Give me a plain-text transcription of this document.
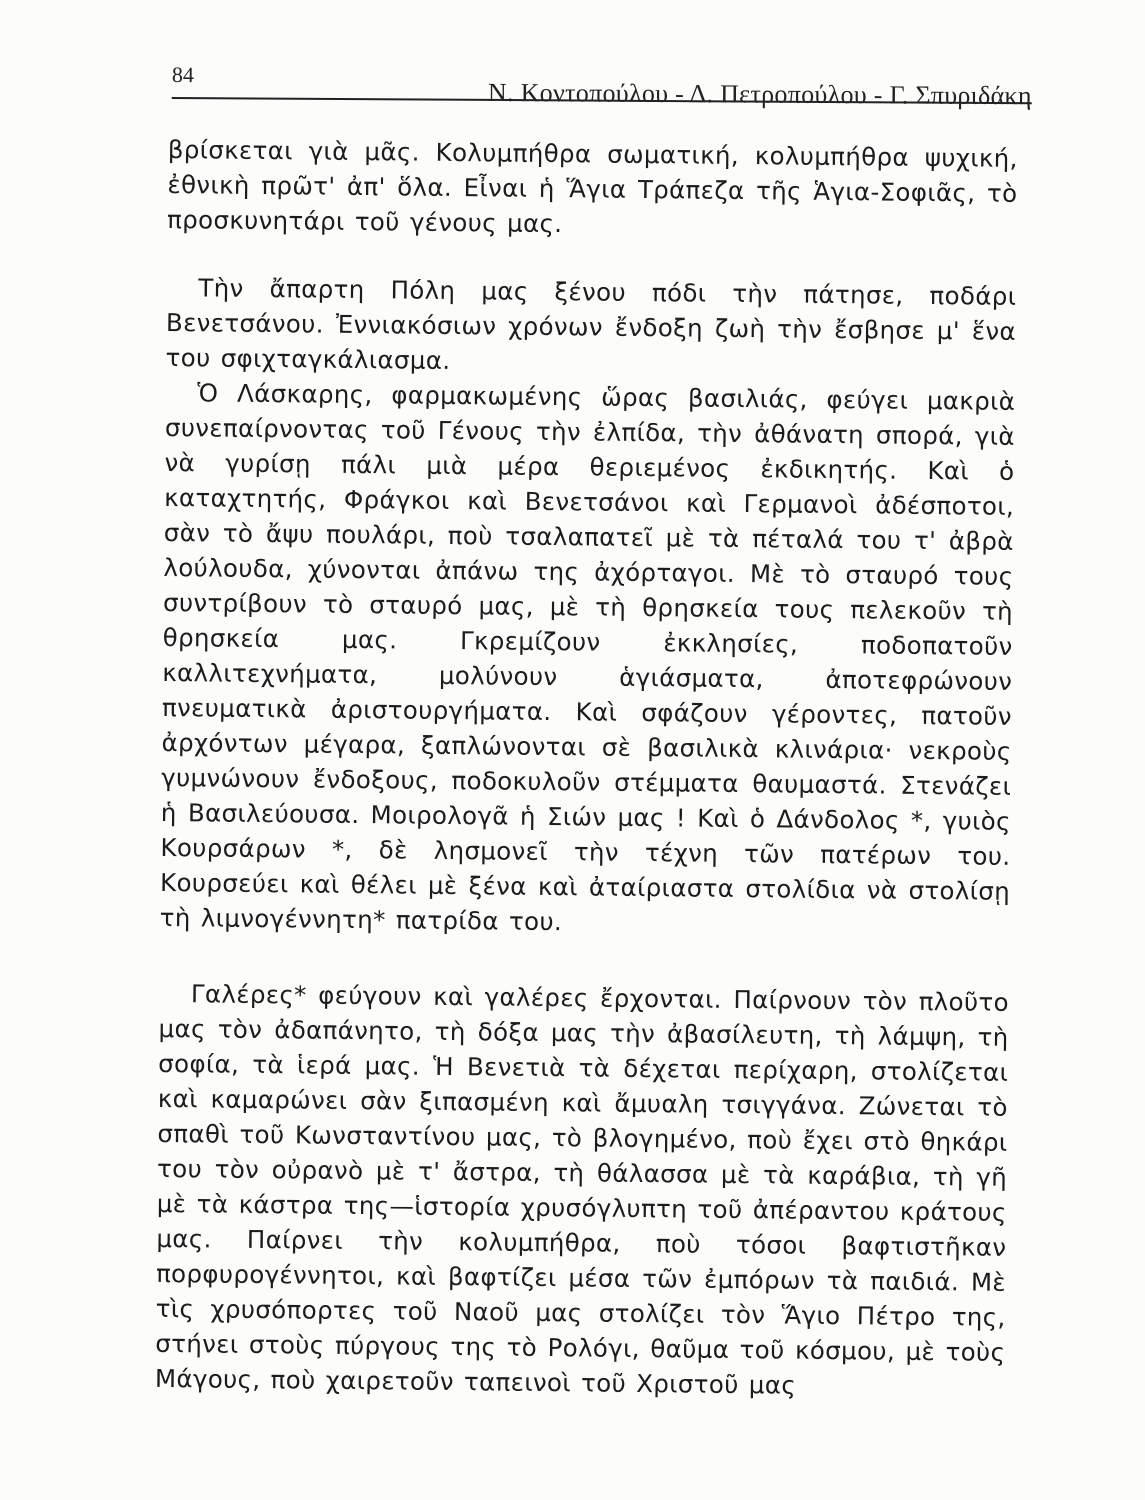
84
Ν. Κοντοπούλου - Δ. Πετροπούλου - Γ. Σπυριδάκη

βρίσκεται γιὰ μᾶς. Κολυμπήθρα σωματική, κολυμπήθρα ψυχική, ἐθνικὴ πρῶτ' ἀπ' ὅλα. Εἶναι ἡ Ἅγια Τράπεζα τῆς Ἁγια-Σοφιᾶς, τὸ προσκυνητάρι τοῦ γένους μας.

Τὴν ἄπαρτη Πόλη μας ξένου πόδι τὴν πάτησε, ποδάρι Βενετσάνου. Ἐννιακόσιων χρόνων ἔνδοξη ζωὴ τὴν ἔσβησε μ' ἕνα του σφιχταγκάλιασμα.

Ὁ Λάσκαρης, φαρμακωμένης ὥρας βασιλιάς, φεύγει μακριὰ συνεπαίρνοντας τοῦ Γένους τὴν ἐλπίδα, τὴν ἀθάνατη σπορά, γιὰ νὰ γυρίσῃ πάλι μιὰ μέρα θεριεμένος ἐκδικητής. Καὶ ὁ καταχτητής, Φράγκοι καὶ Βενετσάνοι καὶ Γερμανοὶ ἀδέσποτοι, σὰν τὸ ἄψυ πουλάρι, ποὺ τσαλαπατεῖ μὲ τὰ πέταλά του τ' ἀβρὰ λούλουδα, χύνονται ἀπάνω της ἀχόρταγοι. Μὲ τὸ σταυρό τους συντρίβουν τὸ σταυρό μας, μὲ τὴ θρησκεία τους πελεκοῦν τὴ θρησκεία μας. Γκρεμίζουν ἐκκλησίες, ποδοπατοῦν καλλιτεχνήματα, μολύνουν ἁγιάσματα, ἀποτεφρώνουν πνευματικὰ ἀριστουργήματα. Καὶ σφάζουν γέροντες, πατοῦν ἀρχόντων μέγαρα, ξαπλώνονται σὲ βασιλικὰ κλινάρια· νεκροὺς γυμνώνουν ἔνδοξους, ποδοκυλοῦν στέμματα θαυμαστά. Στενάζει ἡ Βασιλεύουσα. Μοιρολογᾶ ἡ Σιών μας ! Καὶ ὁ Δάνδολος *, γυιὸς Κουρσάρων *, δὲ λησμονεῖ τὴν τέχνη τῶν πατέρων του. Κουρσεύει καὶ θέλει μὲ ξένα καὶ ἀταίριαστα στολίδια νὰ στολίσῃ τὴ λιμνογέννητη* πατρίδα του.

Γαλέρες* φεύγουν καὶ γαλέρες ἔρχονται. Παίρνουν τὸν πλοῦτο μας τὸν ἀδαπάνητο, τὴ δόξα μας τὴν ἀβασίλευτη, τὴ λάμψη, τὴ σοφία, τὰ ἱερά μας. Ἡ Βενετιὰ τὰ δέχεται περίχαρη, στολίζεται καὶ καμαρώνει σὰν ξιπασμένη καὶ ἄμυαλη τσιγγάνα. Ζώνεται τὸ σπαθὶ τοῦ Κωνσταντίνου μας, τὸ βλογημένο, ποὺ ἔχει στὸ θηκάρι του τὸν οὐρανὸ μὲ τ' ἄστρα, τὴ θάλασσα μὲ τὰ καράβια, τὴ γῆ μὲ τὰ κάστρα της—ἱστορία χρυσόγλυπτη τοῦ ἀπέραντου κράτους μας. Παίρνει τὴν κολυμπήθρα, ποὺ τόσοι βαφτιστῆκαν πορφυρογέννητοι, καὶ βαφτίζει μέσα τῶν ἐμπόρων τὰ παιδιά. Μὲ τὶς χρυσόπορτες τοῦ Ναοῦ μας στολίζει τὸν Ἅγιο Πέτρο της, στήνει στοὺς πύργους της τὸ Ρολόγι, θαῦμα τοῦ κόσμου, μὲ τοὺς Μάγους, ποὺ χαιρετοῦν ταπεινοὶ τοῦ Χριστοῦ μας
